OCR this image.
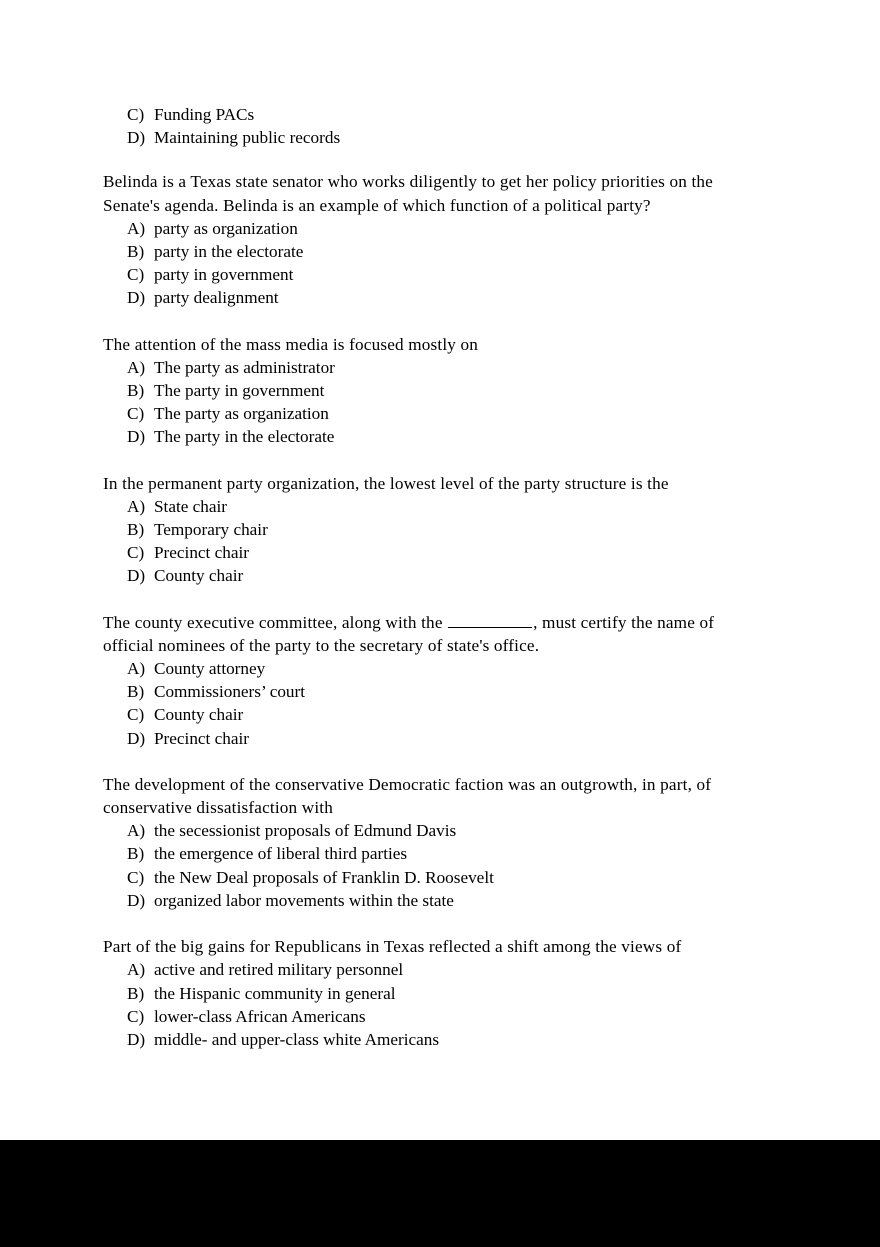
C) Funding PACs
D) Maintaining public records

Belinda is a Texas state senator who works diligently to get her policy priorities on the Senate's agenda. Belinda is an example of which function of a political party?

A) party as organization
B) party in the electorate
C) party in government
D) party dealignment

The attention of the mass media is focused mostly on

A) The party as administrator
B) The party in government
C) The party as organization
D) The party in the electorate

In the permanent party organization, the lowest level of the party structure is the

A) State chair
B) Temporary chair
C) Precinct chair
D) County chair

The county executive committee, along with the	, must certify the name of official nominees of the party to the secretary of state's office.

A) County attorney
B) Commissioners’ court
C) County chair
D) Precinct chair

The development of the conservative Democratic faction was an outgrowth, in part, of conservative dissatisfaction with

A) the secessionist proposals of Edmund Davis
B) the emergence of liberal third parties
C) the New Deal proposals of Franklin D. Roosevelt
D) organized labor movements within the state

Part of the big gains for Republicans in Texas reflected a shift among the views of

A) active and retired military personnel
B) the Hispanic community in general
C) lower-class African Americans
D) middle- and upper-class white Americans
